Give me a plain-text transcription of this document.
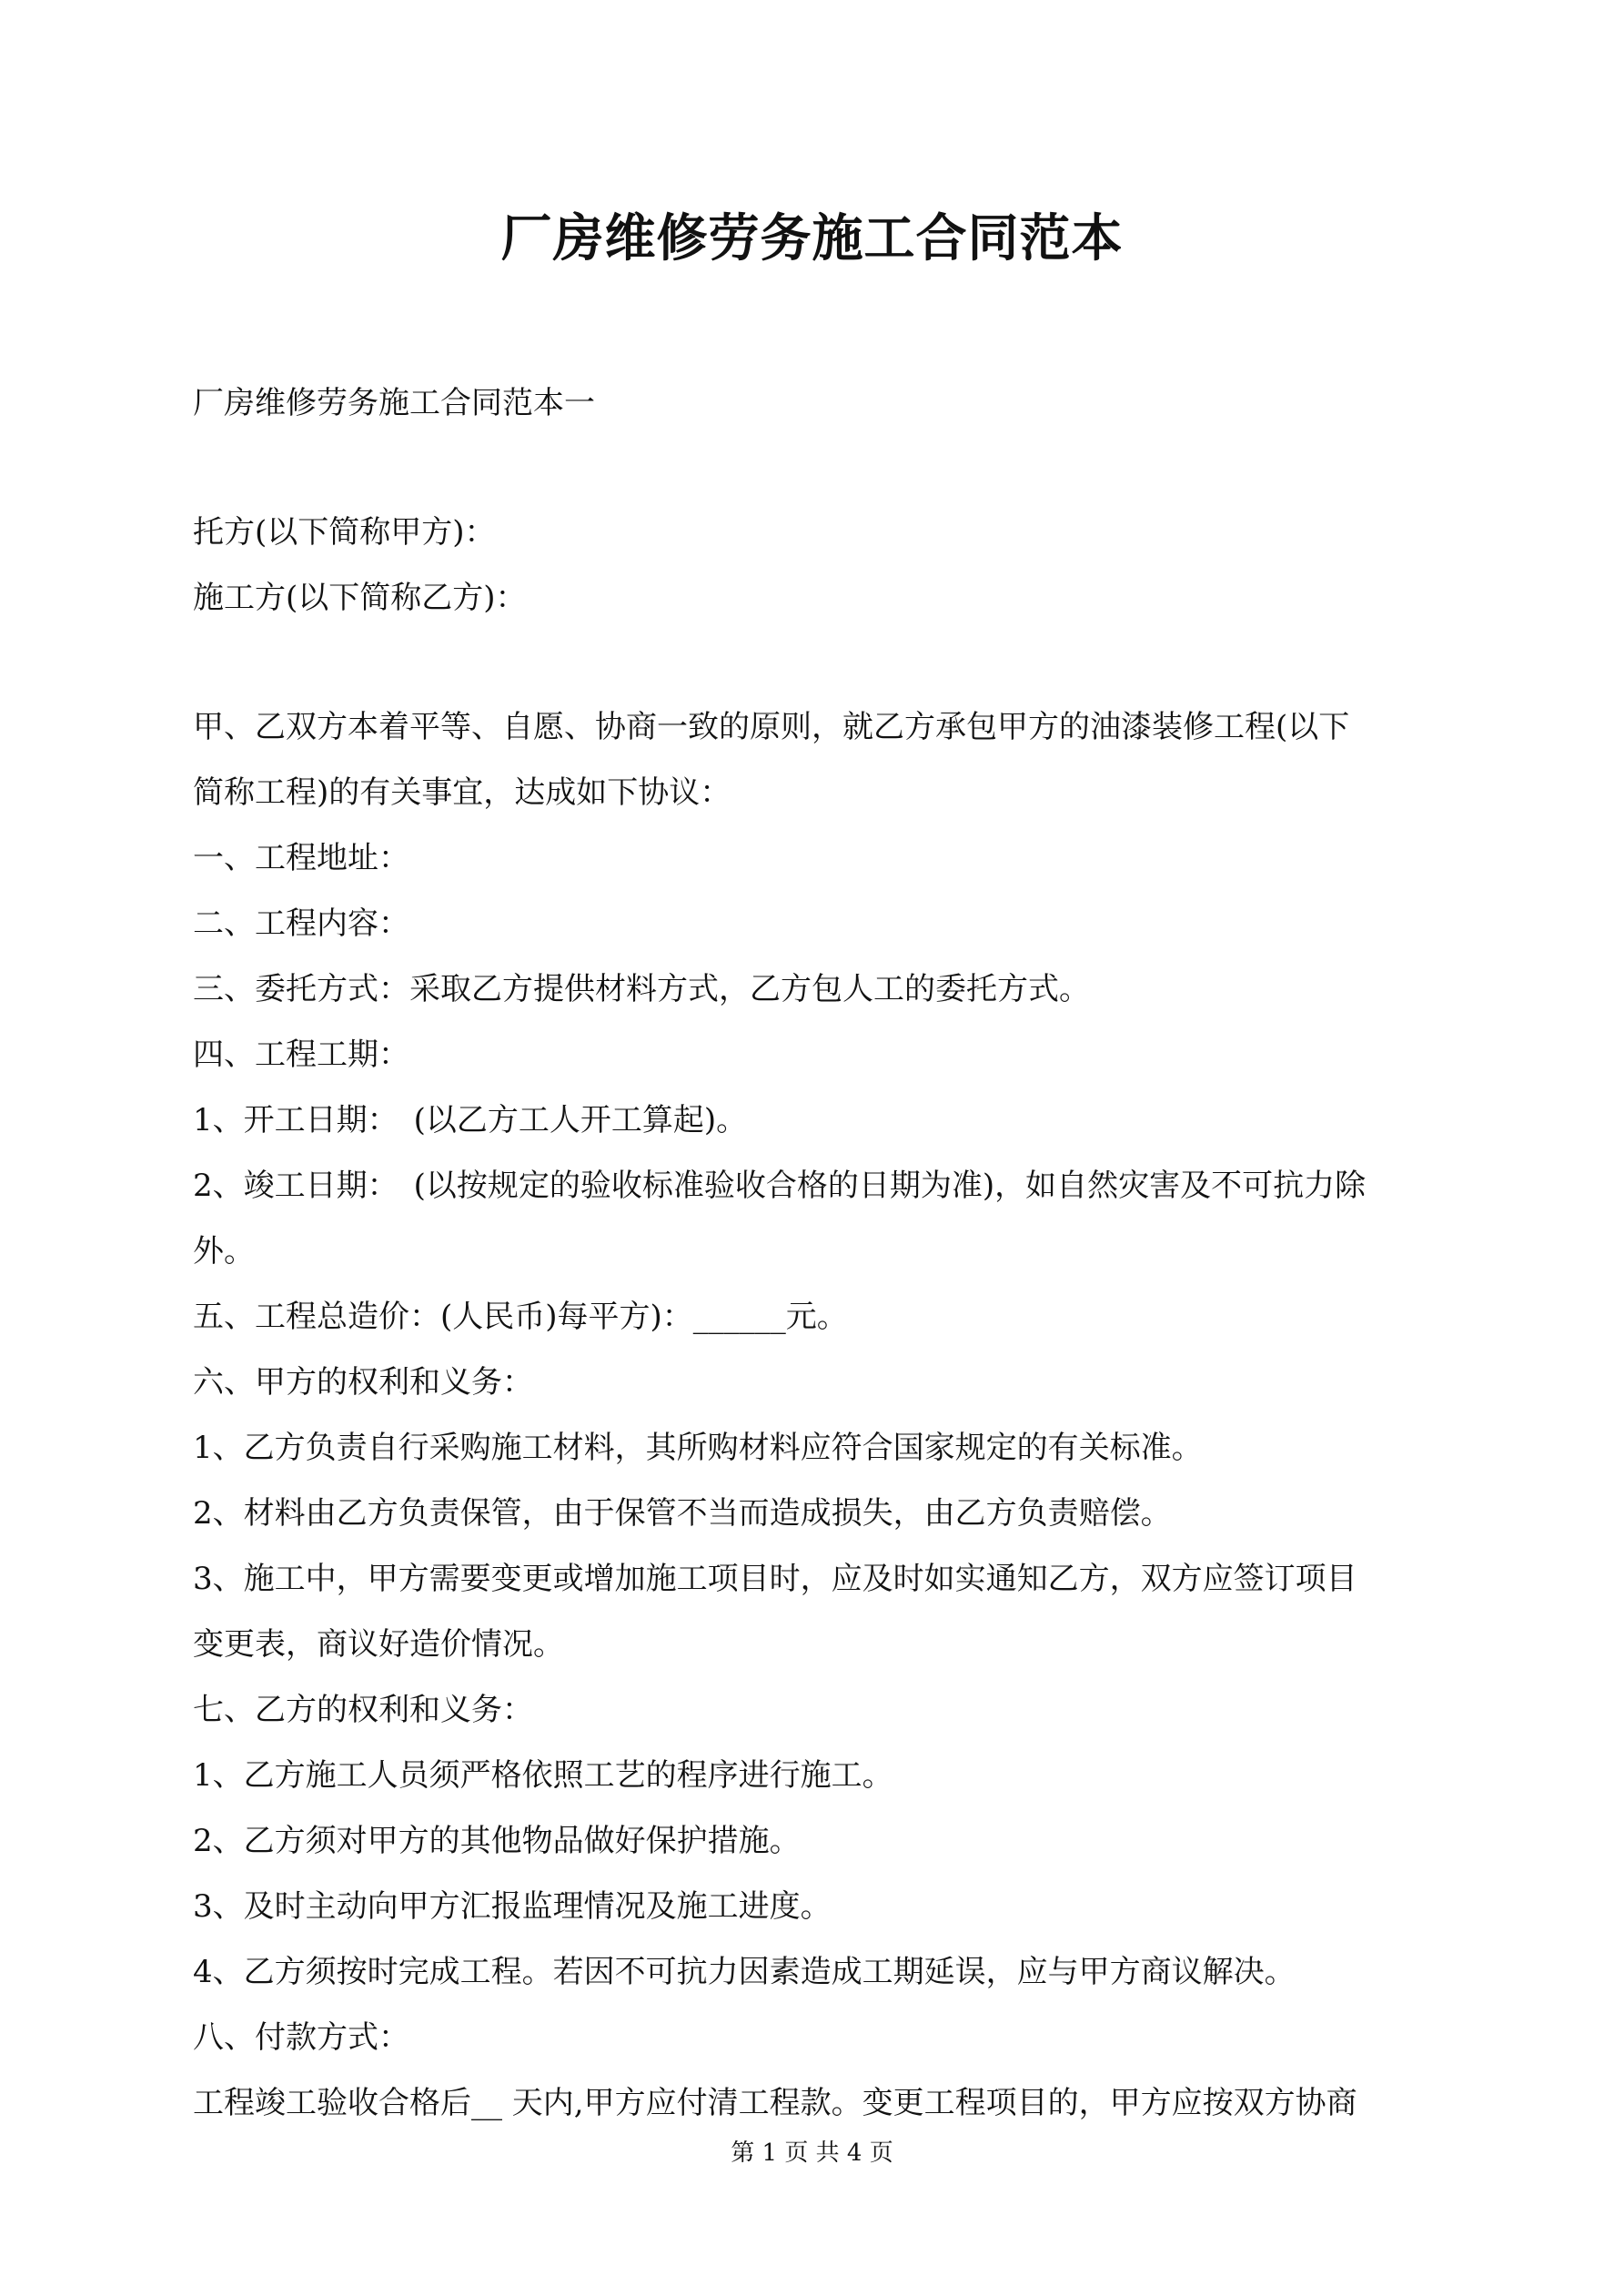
厂房维修劳务施工合同范本
厂房维修劳务施工合同范本一
托方(以下简称甲方)：
施工方(以下简称乙方)：
甲、乙双方本着平等、自愿、协商一致的原则，就乙方承包甲方的油漆装修工程(以下
简称工程)的有关事宜，达成如下协议：
一、工程地址：
二、工程内容：
三、委托方式：采取乙方提供材料方式，乙方包人工的委托方式。
四、工程工期：
1、开工日期：　(以乙方工人开工算起)。
2、竣工日期：　(以按规定的验收标准验收合格的日期为准)，如自然灾害及不可抗力除
外。
五、工程总造价：(人民币)每平方)：______元。
六、甲方的权利和义务：
1、乙方负责自行采购施工材料，其所购材料应符合国家规定的有关标准。
2、材料由乙方负责保管，由于保管不当而造成损失，由乙方负责赔偿。
3、施工中，甲方需要变更或增加施工项目时，应及时如实通知乙方，双方应签订项目
变更表，商议好造价情况。
七、乙方的权利和义务：
1、乙方施工人员须严格依照工艺的程序进行施工。
2、乙方须对甲方的其他物品做好保护措施。
3、及时主动向甲方汇报监理情况及施工进度。
4、乙方须按时完成工程。若因不可抗力因素造成工期延误，应与甲方商议解决。
八、付款方式：
工程竣工验收合格后__ 天内,甲方应付清工程款。变更工程项目的，甲方应按双方协商
第 1 页 共 4 页
